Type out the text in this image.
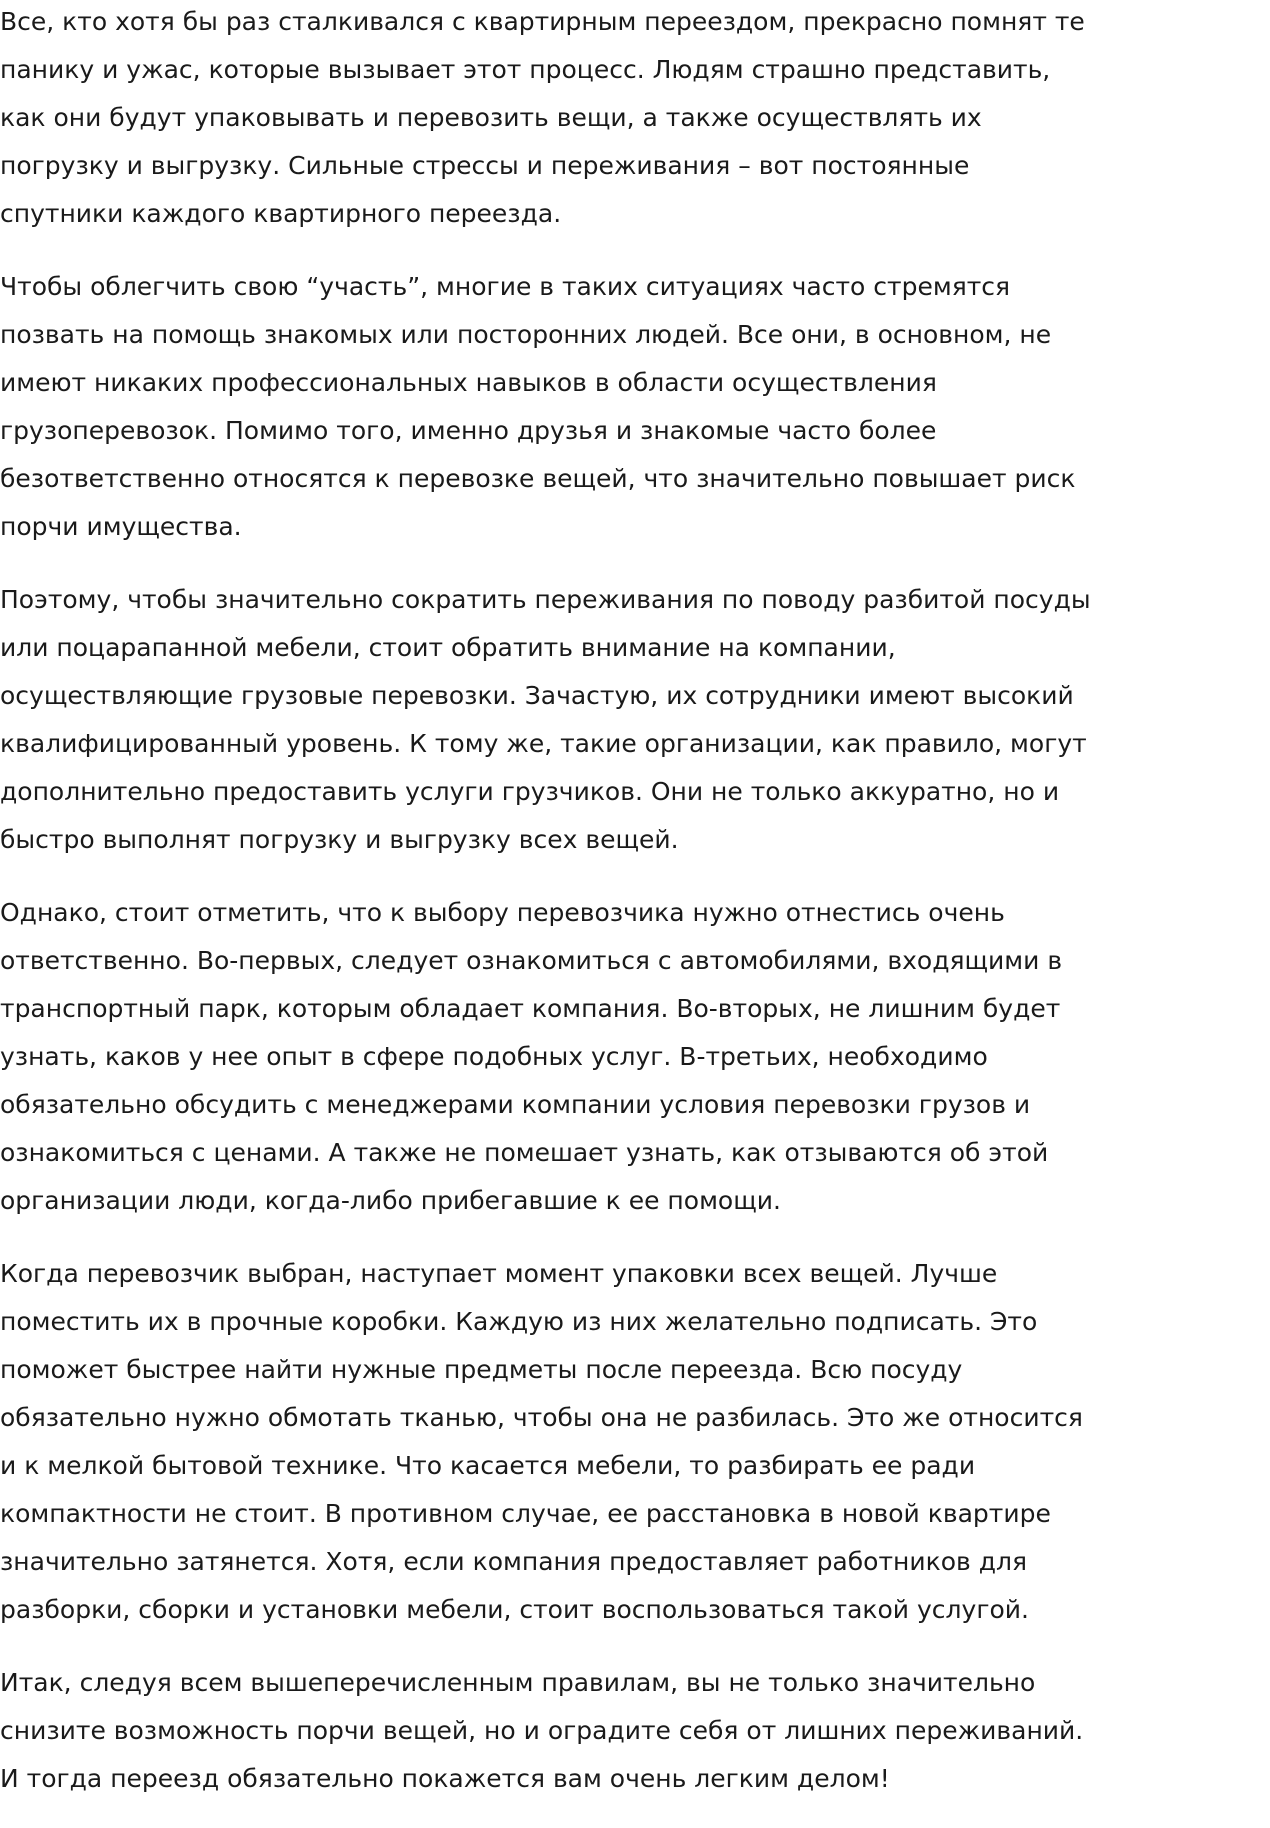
Все, кто хотя бы раз сталкивался с квартирным переездом, прекрасно помнят те
панику и ужас, которые вызывает этот процесс. Людям страшно представить,
как они будут упаковывать и перевозить вещи, а также осуществлять их
погрузку и выгрузку. Сильные стрессы и переживания – вот постоянные
спутники каждого квартирного переезда.

Чтобы облегчить свою “участь”, многие в таких ситуациях часто стремятся
позвать на помощь знакомых или посторонних людей. Все они, в основном, не
имеют никаких профессиональных навыков в области осуществления
грузоперевозок. Помимо того, именно друзья и знакомые часто более
безответственно относятся к перевозке вещей, что значительно повышает риск
порчи имущества.

Поэтому, чтобы значительно сократить переживания по поводу разбитой посуды
или поцарапанной мебели, стоит обратить внимание на компании,
осуществляющие грузовые перевозки. Зачастую, их сотрудники имеют высокий
квалифицированный уровень. К тому же, такие организации, как правило, могут
дополнительно предоставить услуги грузчиков. Они не только аккуратно, но и
быстро выполнят погрузку и выгрузку всех вещей.

Однако, стоит отметить, что к выбору перевозчика нужно отнестись очень
ответственно. Во-первых, следует ознакомиться с автомобилями, входящими в
транспортный парк, которым обладает компания. Во-вторых, не лишним будет
узнать, каков у нее опыт в сфере подобных услуг. В-третьих, необходимо
обязательно обсудить с менеджерами компании условия перевозки грузов и
ознакомиться с ценами. А также не помешает узнать, как отзываются об этой
организации люди, когда-либо прибегавшие к ее помощи.

Когда перевозчик выбран, наступает момент упаковки всех вещей. Лучше
поместить их в прочные коробки. Каждую из них желательно подписать. Это
поможет быстрее найти нужные предметы после переезда. Всю посуду
обязательно нужно обмотать тканью, чтобы она не разбилась. Это же относится
и к мелкой бытовой технике. Что касается мебели, то разбирать ее ради
компактности не стоит. В противном случае, ее расстановка в новой квартире
значительно затянется. Хотя, если компания предоставляет работников для
разборки, сборки и установки мебели, стоит воспользоваться такой услугой.

Итак, следуя всем вышеперечисленным правилам, вы не только значительно
снизите возможность порчи вещей, но и оградите себя от лишних переживаний.
И тогда переезд обязательно покажется вам очень легким делом!
